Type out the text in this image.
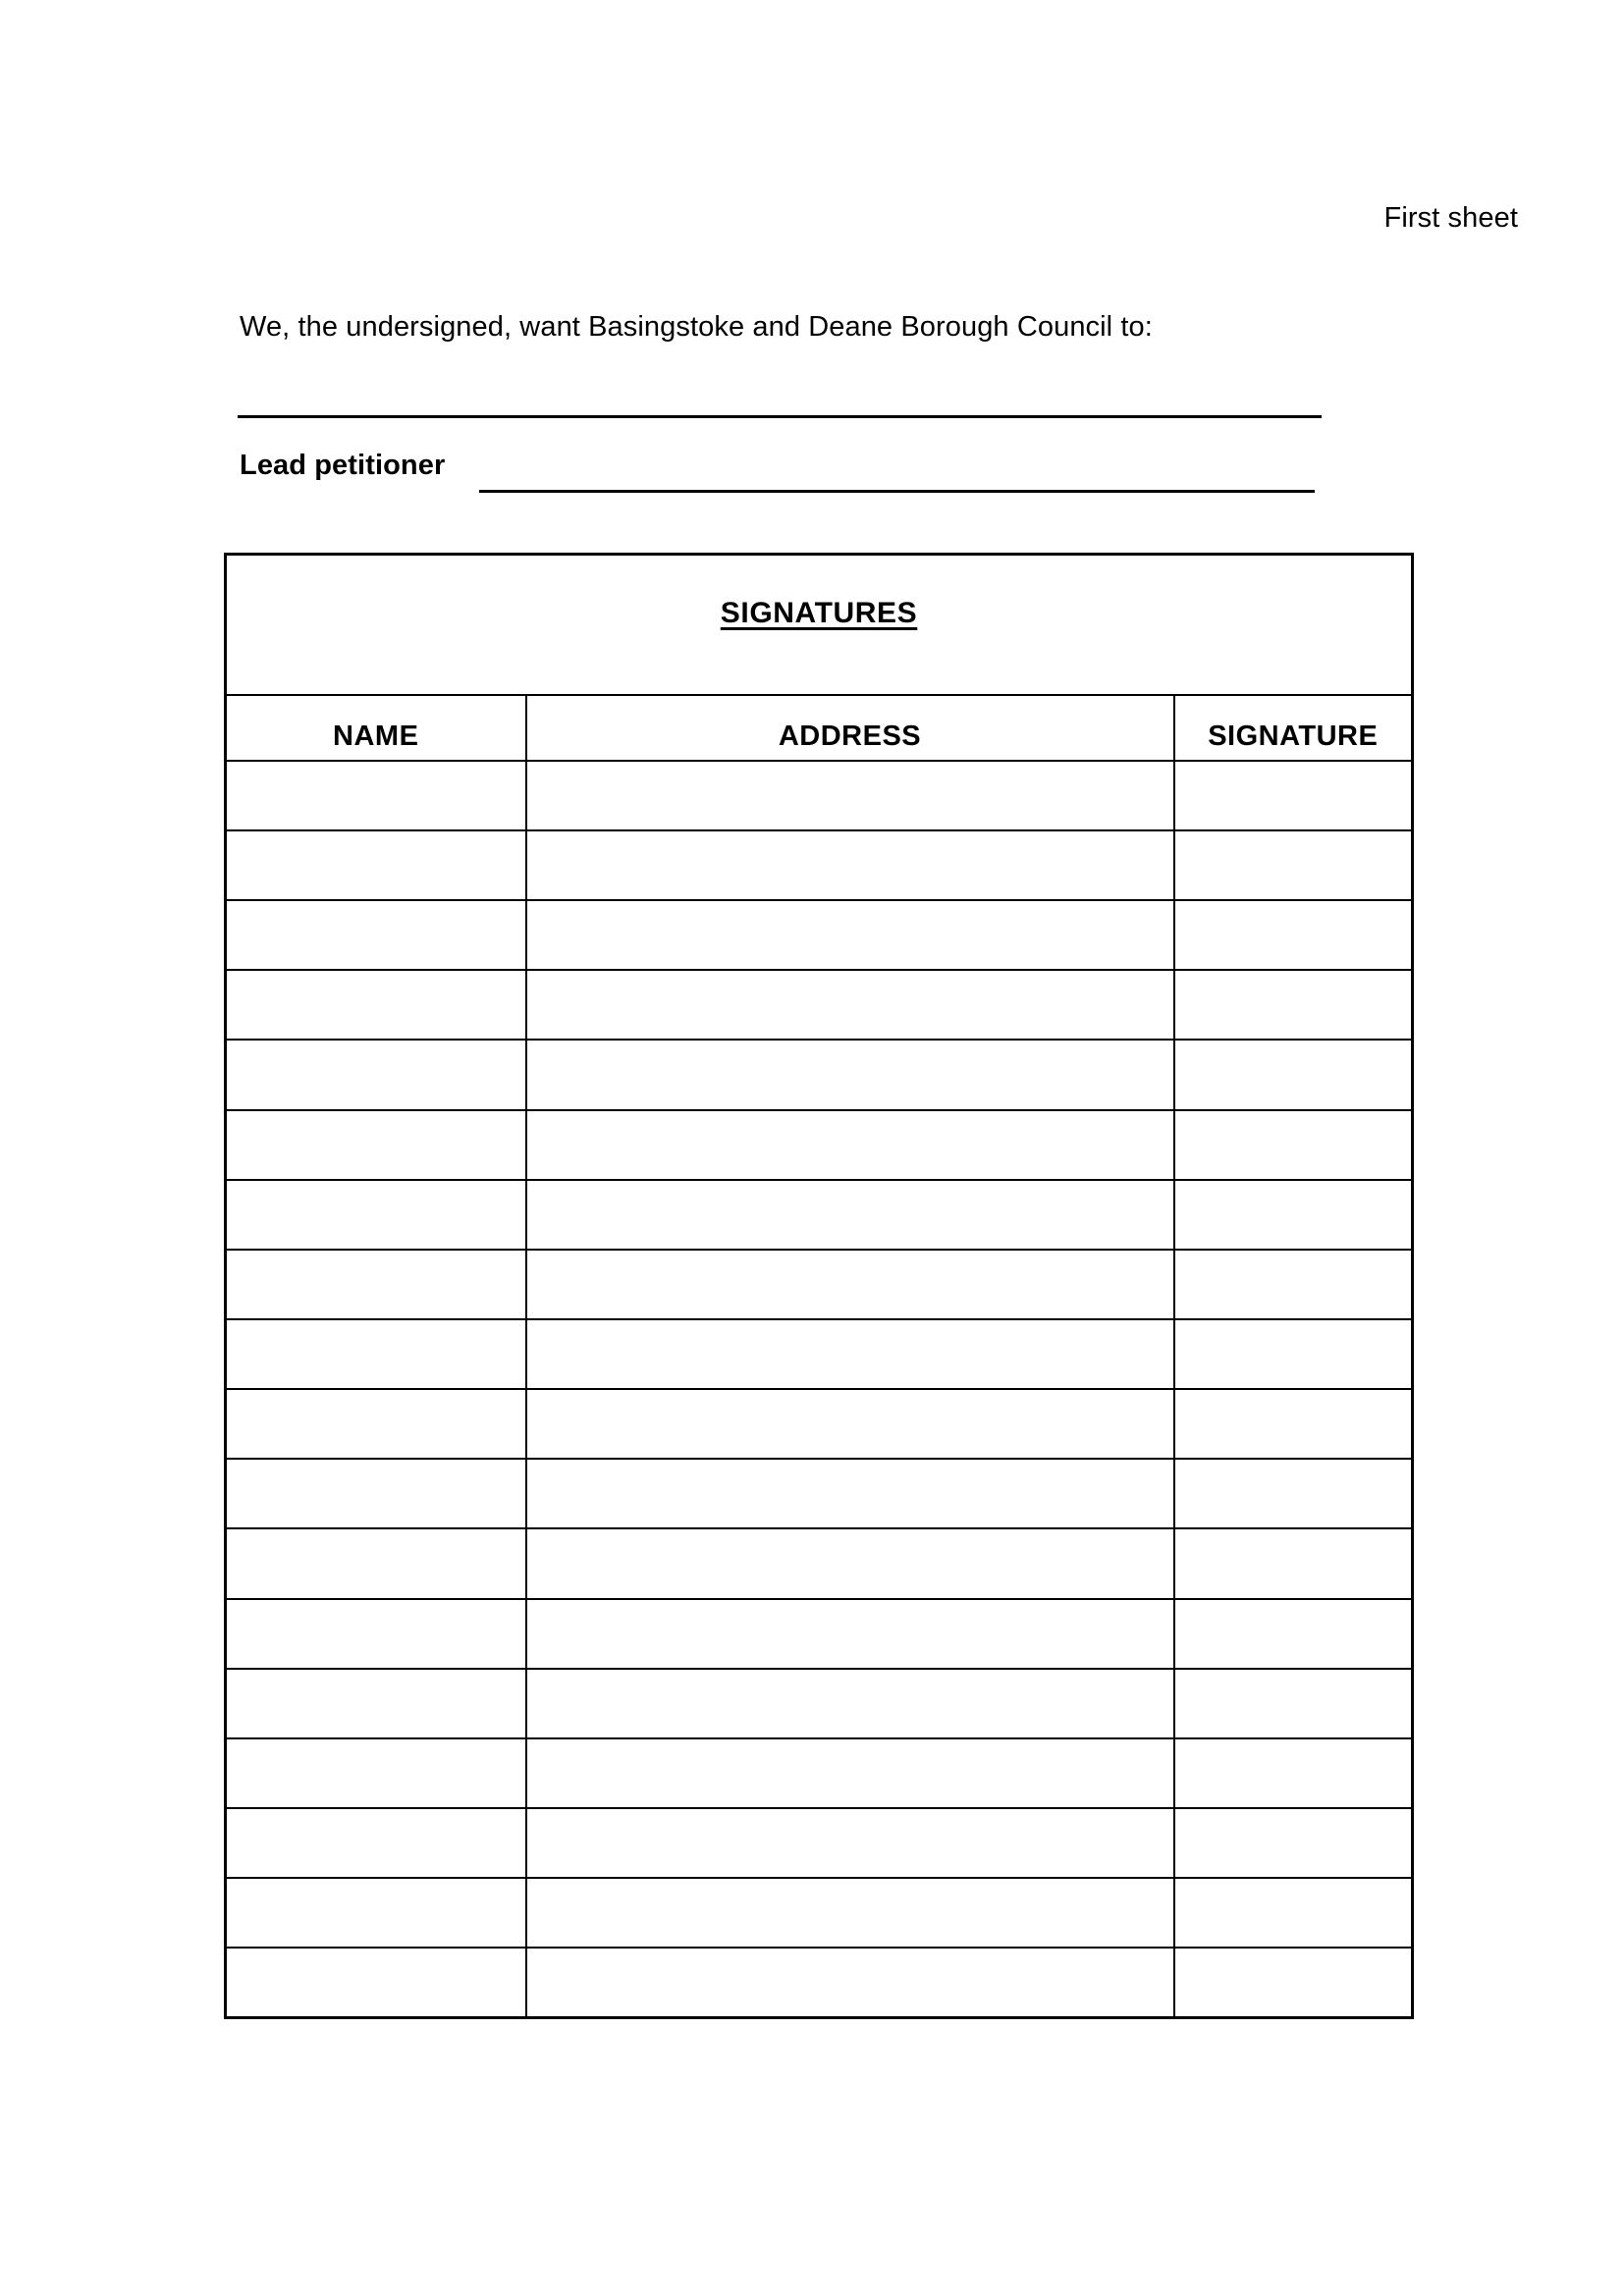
First sheet
We, the undersigned, want Basingstoke and Deane Borough Council to:
Lead petitioner
SIGNATURES		
NAME	ADDRESS	SIGNATURE
